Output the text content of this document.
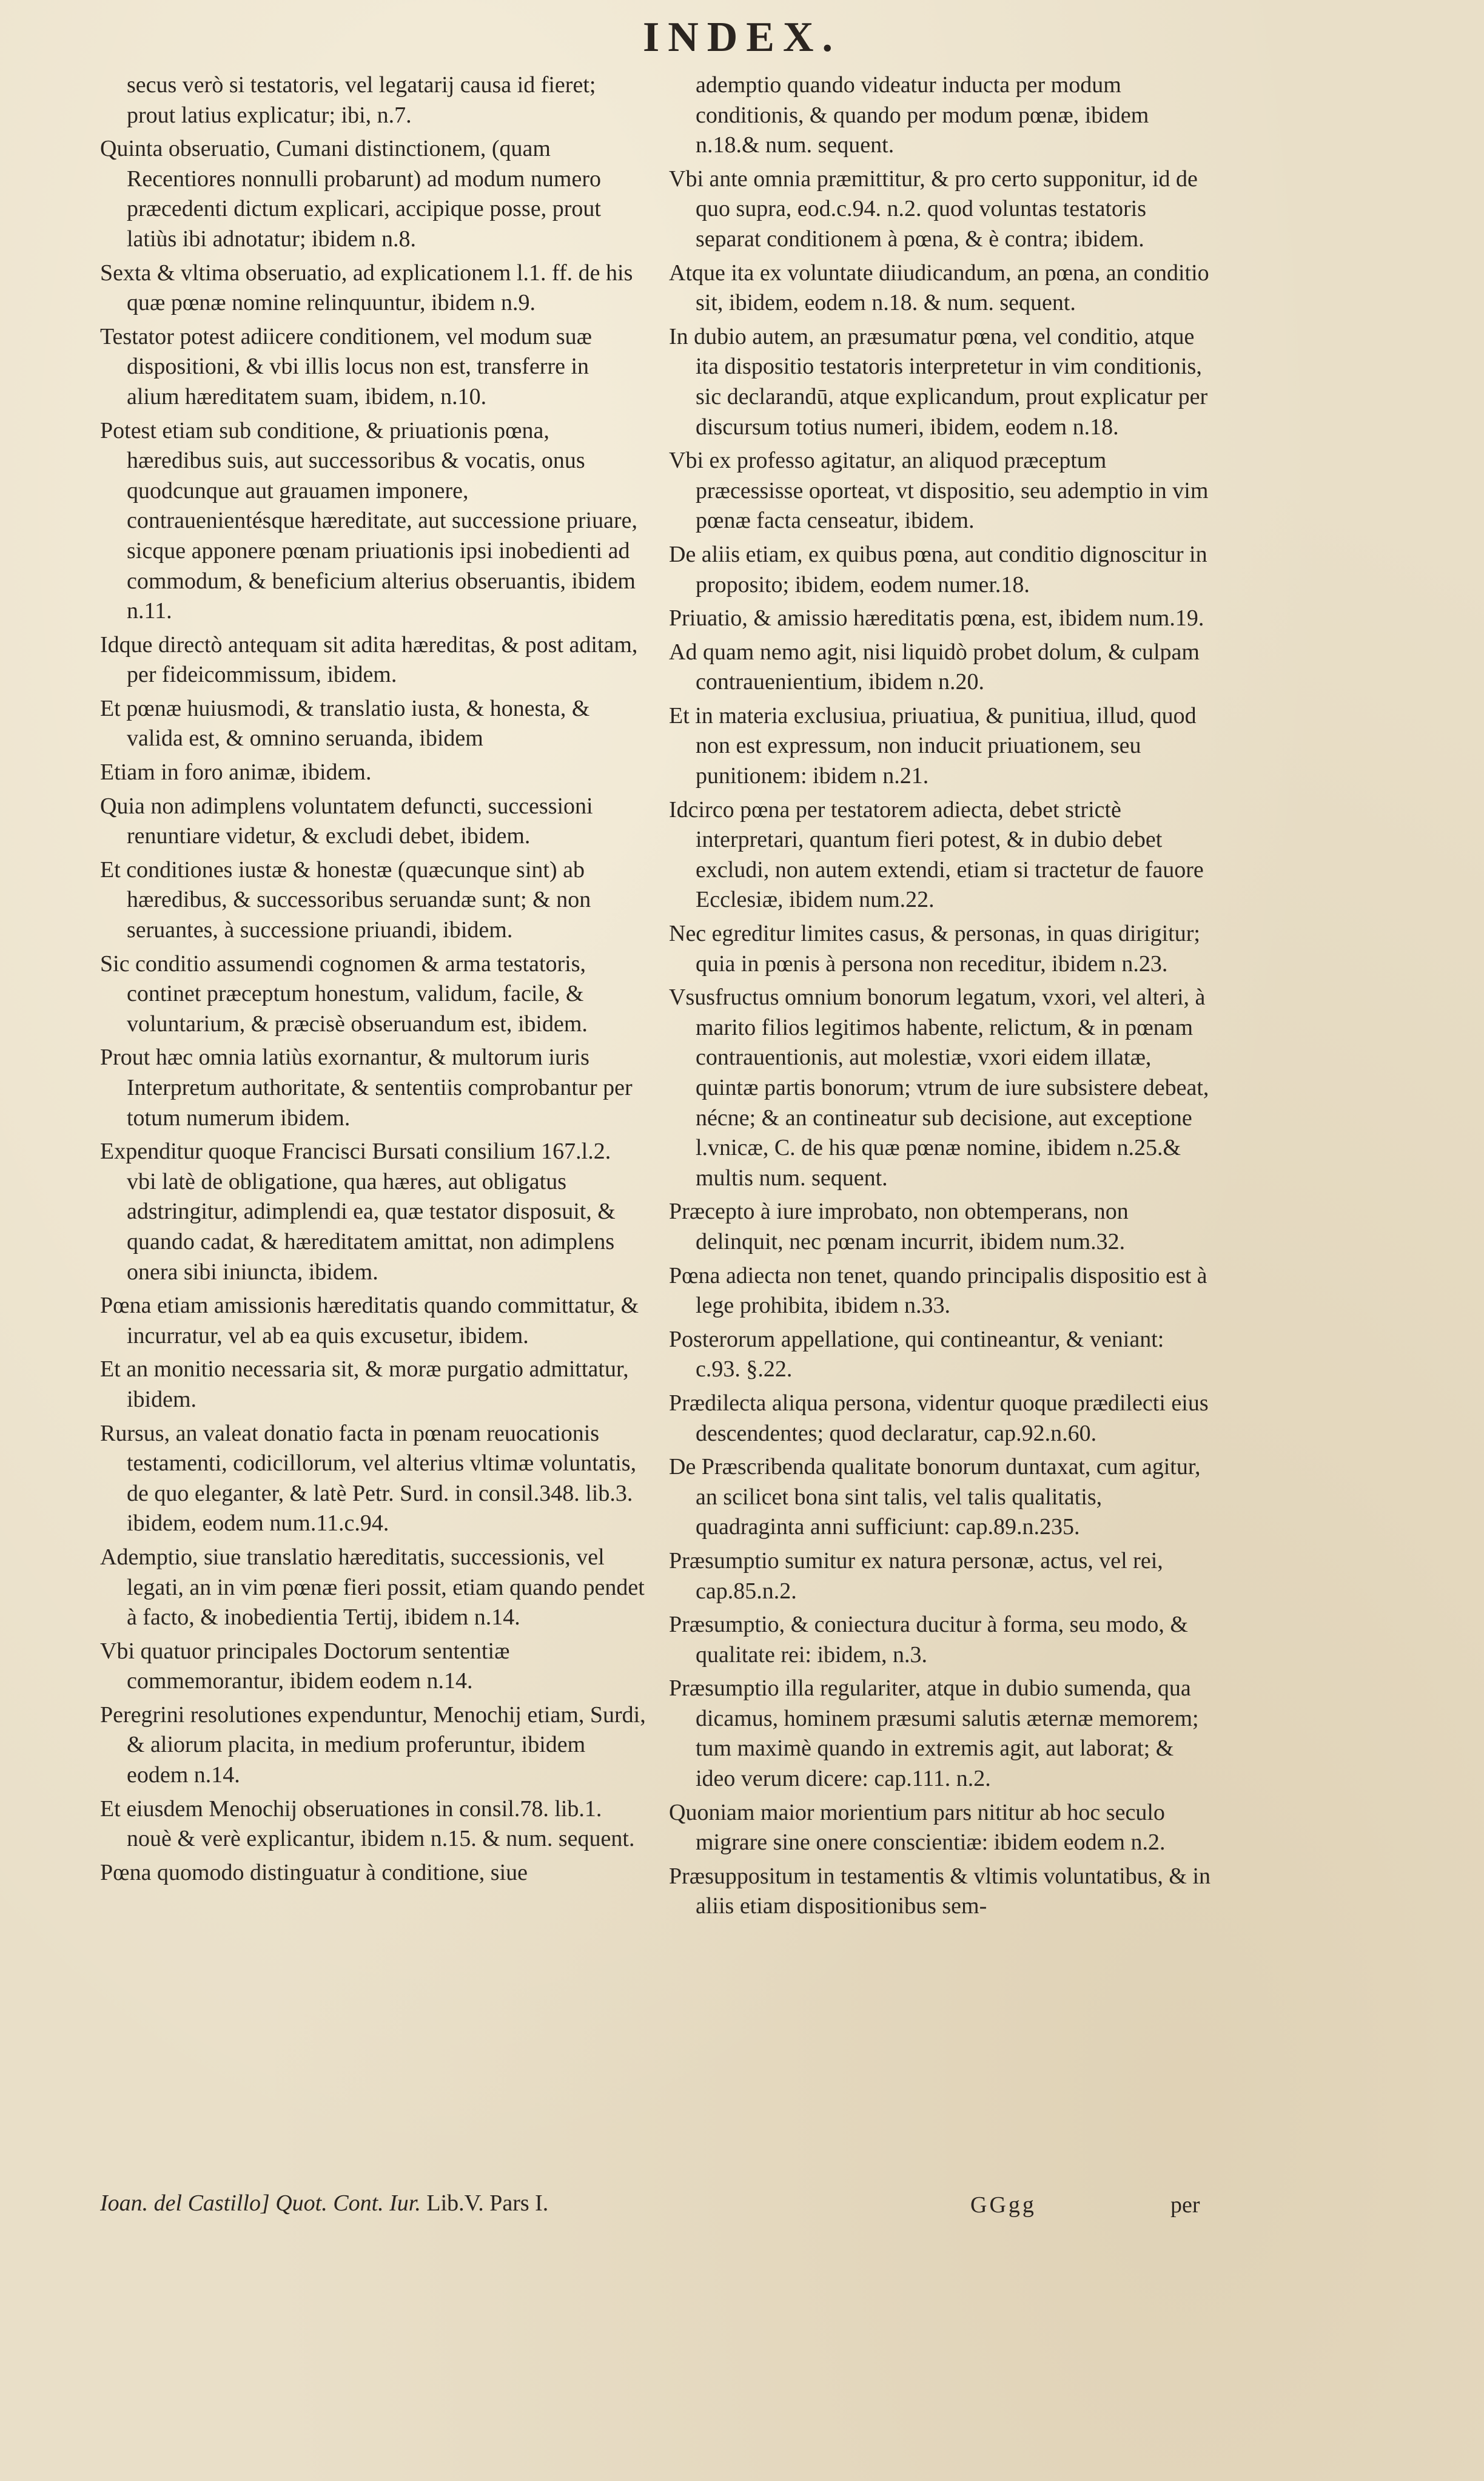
INDEX.

secus verò si testatoris, vel legatarij causa id fieret; prout latius explicatur; ibi, n.7.

Quinta obseruatio, Cumani distinctionem, (quam Recentiores nonnulli probarunt) ad modum numero præcedenti dictum explicari, accipique posse, prout latiùs ibi adnotatur; ibidem n.8.

Sexta & vltima obseruatio, ad explicationem l.1. ff. de his quæ pœnæ nomine relinquuntur, ibidem n.9.

Testator potest adiicere conditionem, vel modum suæ dispositioni, & vbi illis locus non est, transferre in alium hæreditatem suam, ibidem, n.10.

Potest etiam sub conditione, & priuationis pœna, hæredibus suis, aut successoribus & vocatis, onus quodcunque aut grauamen imponere, contrauenientésque hæreditate, aut successione priuare, sicque apponere pœnam priuationis ipsi inobedienti ad commodum, & beneficium alterius obseruantis, ibidem n.11.

Idque directò antequam sit adita hæreditas, & post aditam, per fideicommissum, ibidem.

Et pœnæ huiusmodi, & translatio iusta, & honesta, & valida est, & omnino seruanda, ibidem

Etiam in foro animæ, ibidem.

Quia non adimplens voluntatem defuncti, successioni renuntiare videtur, & excludi debet, ibidem.

Et conditiones iustæ & honestæ (quæcunque sint) ab hæredibus, & successoribus seruandæ sunt; & non seruantes, à successione priuandi, ibidem.

Sic conditio assumendi cognomen & arma testatoris, continet præceptum honestum, validum, facile, & voluntarium, & præcisè obseruandum est, ibidem.

Prout hæc omnia latiùs exornantur, & multorum iuris Interpretum authoritate, & sententiis comprobantur per totum numerum ibidem.

Expenditur quoque Francisci Bursati consilium 167.l.2. vbi latè de obligatione, qua hæres, aut obligatus adstringitur, adimplendi ea, quæ testator disposuit, & quando cadat, & hæreditatem amittat, non adimplens onera sibi iniuncta, ibidem.

Pœna etiam amissionis hæreditatis quando committatur, & incurratur, vel ab ea quis excusetur, ibidem.

Et an monitio necessaria sit, & moræ purgatio admittatur, ibidem.

Rursus, an valeat donatio facta in pœnam reuocationis testamenti, codicillorum, vel alterius vltimæ voluntatis, de quo eleganter, & latè Petr. Surd. in consil.348. lib.3. ibidem, eodem num.11.c.94.

Ademptio, siue translatio hæreditatis, successionis, vel legati, an in vim pœnæ fieri possit, etiam quando pendet à facto, & inobedientia Tertij, ibidem n.14.

Vbi quatuor principales Doctorum sententiæ commemorantur, ibidem eodem n.14.

Peregrini resolutiones expenduntur, Menochij etiam, Surdi, & aliorum placita, in medium proferuntur, ibidem eodem n.14.

Et eiusdem Menochij obseruationes in consil.78. lib.1. nouè & verè explicantur, ibidem n.15. & num. sequent.

Pœna quomodo distinguatur à conditione, siue

ademptio quando videatur inducta per modum conditionis, & quando per modum pœnæ, ibidem n.18.& num. sequent.

Vbi ante omnia præmittitur, & pro certo supponitur, id de quo supra, eod.c.94. n.2. quod voluntas testatoris separat conditionem à pœna, & è contra; ibidem.

Atque ita ex voluntate diiudicandum, an pœna, an conditio sit, ibidem, eodem n.18. & num. sequent.

In dubio autem, an præsumatur pœna, vel conditio, atque ita dispositio testatoris interpretetur in vim conditionis, sic declarandū, atque explicandum, prout explicatur per discursum totius numeri, ibidem, eodem n.18.

Vbi ex professo agitatur, an aliquod præceptum præcessisse oporteat, vt dispositio, seu ademptio in vim pœnæ facta censeatur, ibidem.

De aliis etiam, ex quibus pœna, aut conditio dignoscitur in proposito; ibidem, eodem numer.18.

Priuatio, & amissio hæreditatis pœna, est, ibidem num.19.

Ad quam nemo agit, nisi liquidò probet dolum, & culpam contrauenientium, ibidem n.20.

Et in materia exclusiua, priuatiua, & punitiua, illud, quod non est expressum, non inducit priuationem, seu punitionem: ibidem n.21.

Idcirco pœna per testatorem adiecta, debet strictè interpretari, quantum fieri potest, & in dubio debet excludi, non autem extendi, etiam si tractetur de fauore Ecclesiæ, ibidem num.22.

Nec egreditur limites casus, & personas, in quas dirigitur; quia in pœnis à persona non receditur, ibidem n.23.

Vsusfructus omnium bonorum legatum, vxori, vel alteri, à marito filios legitimos habente, relictum, & in pœnam contrauentionis, aut molestiæ, vxori eidem illatæ, quintæ partis bonorum; vtrum de iure subsistere debeat, nécne; & an contineatur sub decisione, aut exceptione l.vnicæ, C. de his quæ pœnæ nomine, ibidem n.25.& multis num. sequent.

Præcepto à iure improbato, non obtemperans, non delinquit, nec pœnam incurrit, ibidem num.32.

Pœna adiecta non tenet, quando principalis dispositio est à lege prohibita, ibidem n.33.

Posterorum appellatione, qui contineantur, & veniant: c.93. §.22.

Prædilecta aliqua persona, videntur quoque prædilecti eius descendentes; quod declaratur, cap.92.n.60.

De Præscribenda qualitate bonorum duntaxat, cum agitur, an scilicet bona sint talis, vel talis qualitatis, quadraginta anni sufficiunt: cap.89.n.235.

Præsumptio sumitur ex natura personæ, actus, vel rei, cap.85.n.2.

Præsumptio, & coniectura ducitur à forma, seu modo, & qualitate rei: ibidem, n.3.

Præsumptio illa regulariter, atque in dubio sumenda, qua dicamus, hominem præsumi salutis æternæ memorem; tum maximè quando in extremis agit, aut laborat; & ideo verum dicere: cap.111. n.2.

Quoniam maior morientium pars nititur ab hoc seculo migrare sine onere conscientiæ: ibidem eodem n.2.

Præsuppositum in testamentis & vltimis voluntatibus, & in aliis etiam dispositionibus sem-

Ioan. del Castillo] Quot. Cont. Iur. Lib.V. Pars I.	GGgg	per
